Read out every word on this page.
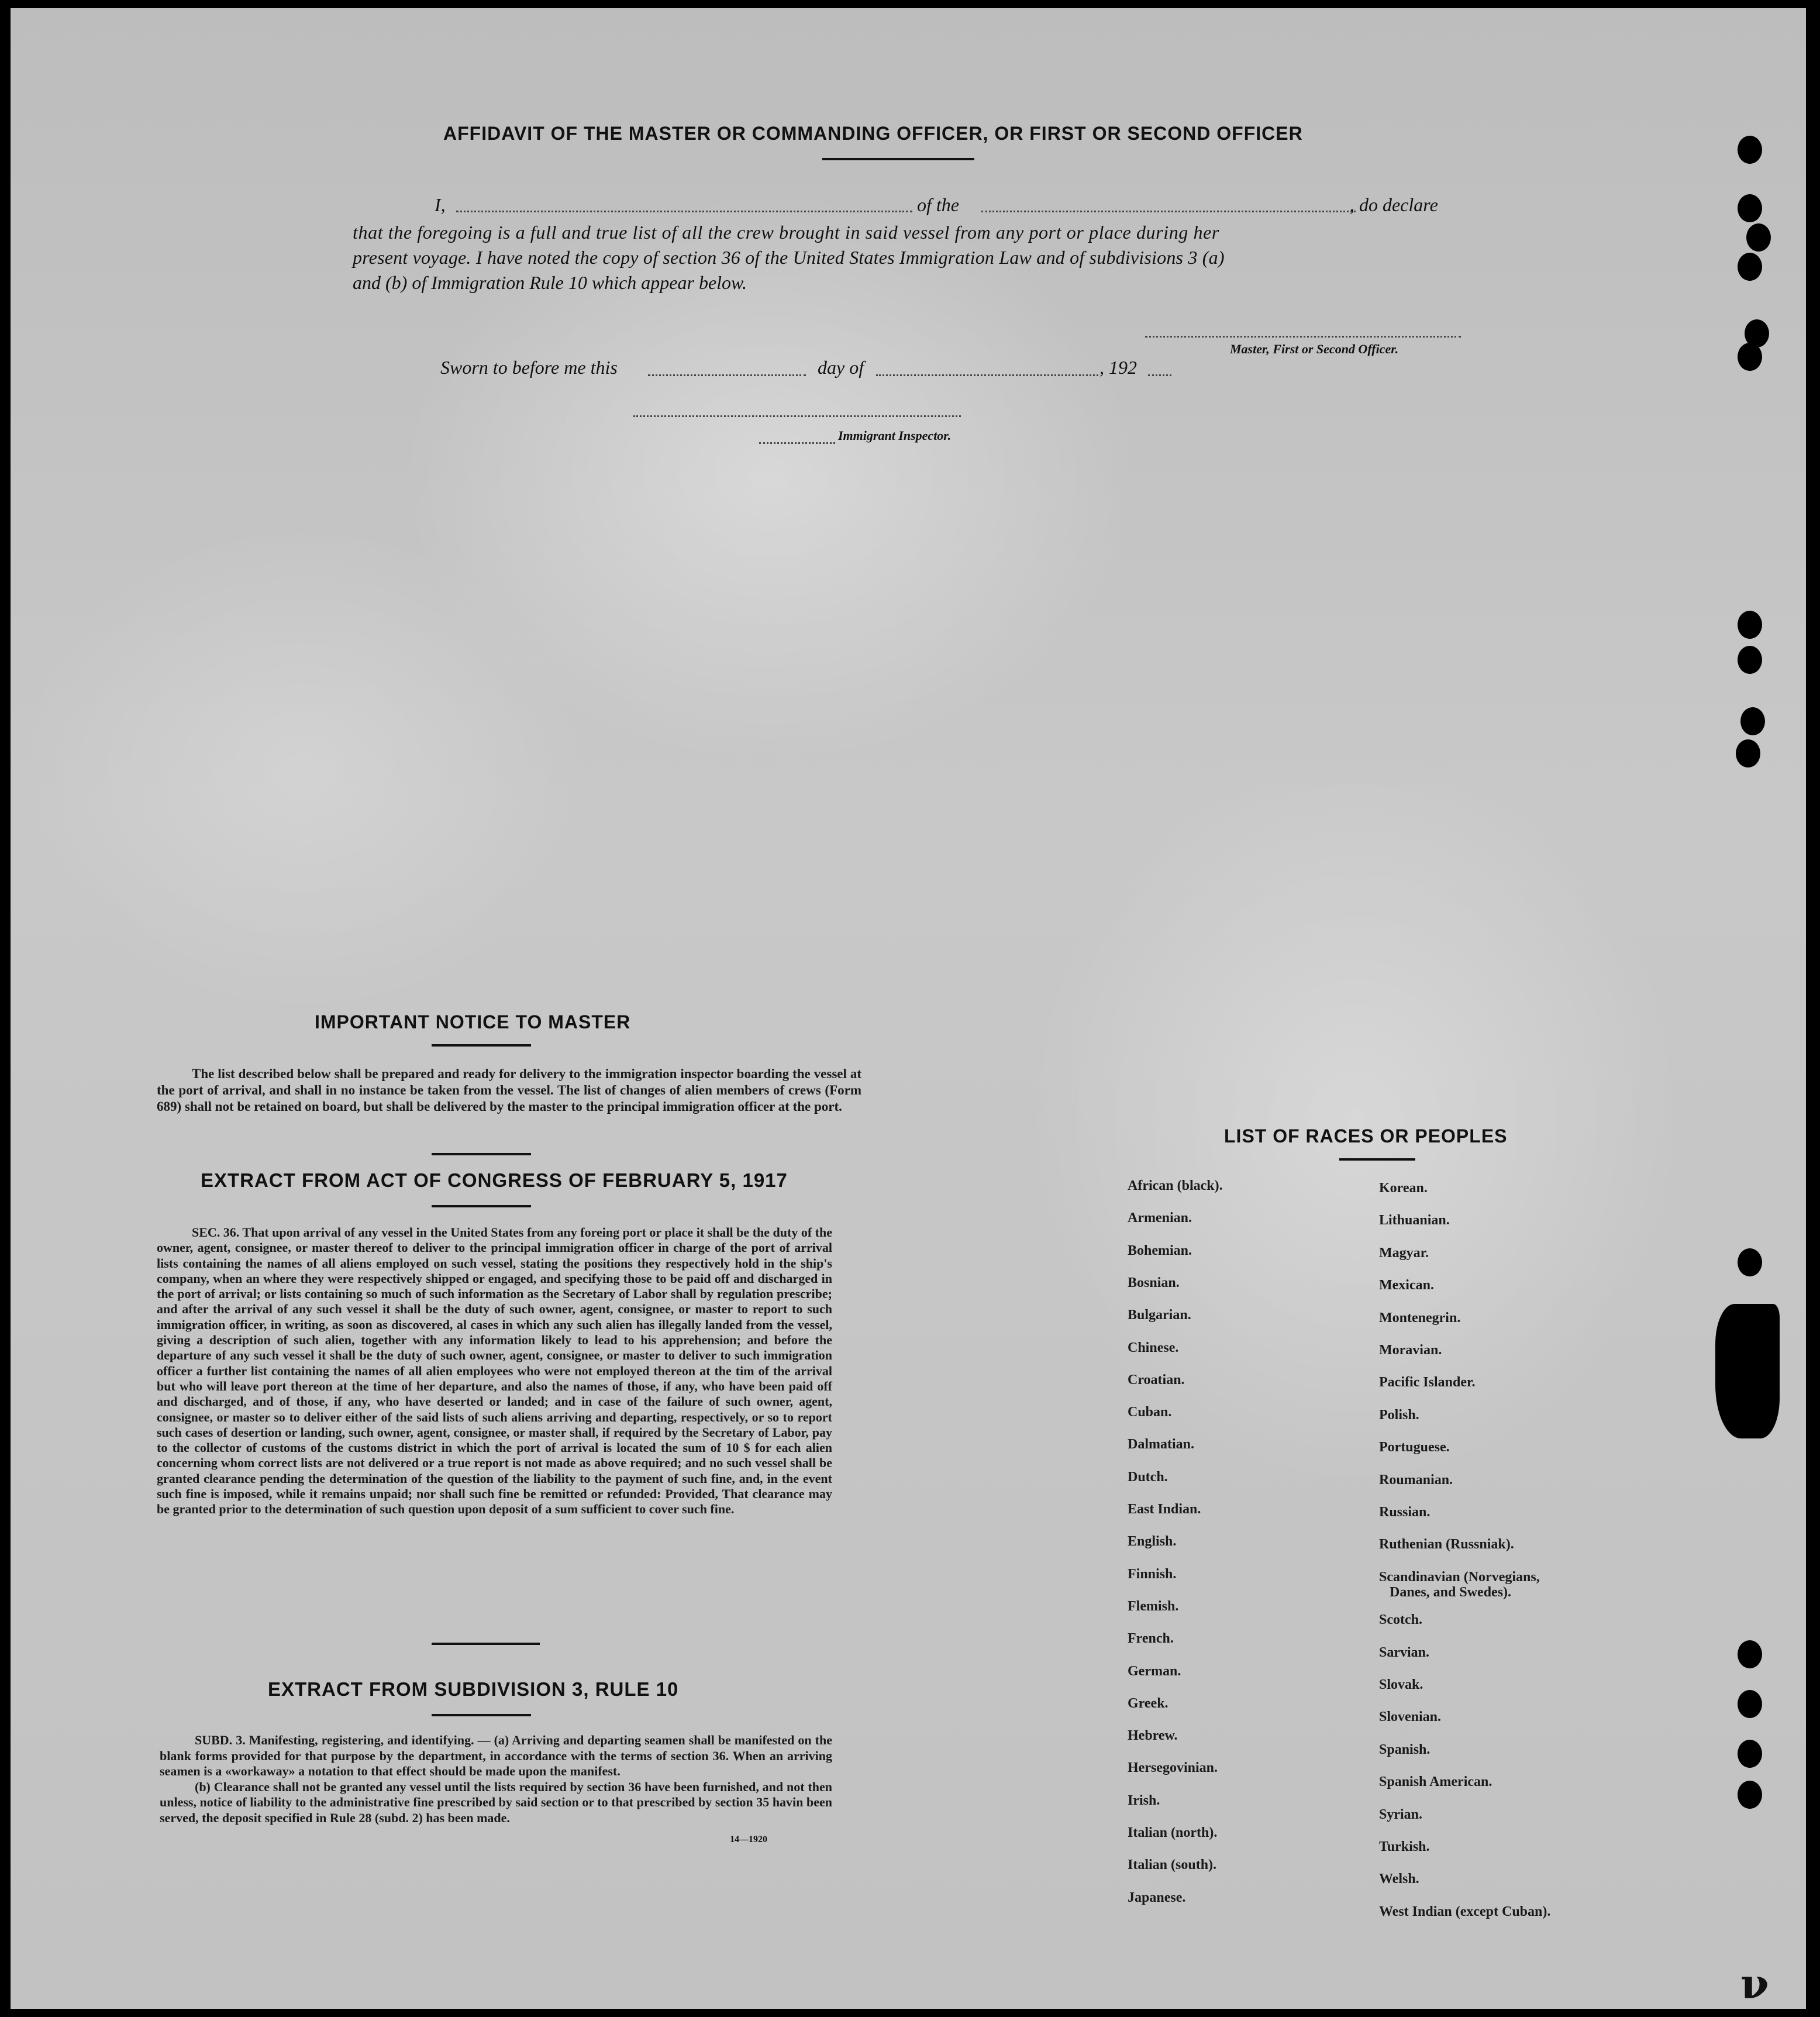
AFFIDAVIT OF THE MASTER OR COMMANDING OFFICER, OR FIRST OR SECOND OFFICER
I,	of the	, do declare
that the foregoing is a full and true list of all the crew brought in said vessel from any port or place during her
present voyage. I have noted the copy of section 36 of the United States Immigration Law and of subdivisions 3 (a)
and (b) of Immigration Rule 10 which appear below.
Master, First or Second Officer.
Sworn to before me this	day of	, 192
Immigrant Inspector.
IMPORTANT NOTICE TO MASTER

The list described below shall be prepared and ready for delivery to the immigration inspector boarding the vessel at the port of arrival, and shall in no instance be taken from the vessel. The list of changes of alien members of crews (Form 689) shall not be retained on board, but shall be delivered by the master to the principal immigration officer at the port.

EXTRACT FROM ACT OF CONGRESS OF FEBRUARY 5, 1917

SEC. 36. That upon arrival of any vessel in the United States from any foreing port or place it shall be the duty of the owner, agent, consignee, or master thereof to deliver to the principal immigration officer in charge of the port of arrival lists containing the names of all aliens employed on such vessel, stating the positions they respectively hold in the ship's company, when an where they were respectively shipped or engaged, and specifying those to be paid off and discharged in the port of arrival; or lists containing so much of such information as the Secretary of Labor shall by regulation prescribe; and after the arrival of any such vessel it shall be the duty of such owner, agent, consignee, or master to report to such immigration officer, in writing, as soon as discovered, al cases in which any such alien has illegally landed from the vessel, giving a description of such alien, together with any information likely to lead to his apprehension; and before the departure of any such vessel it shall be the duty of such owner, agent, consignee, or master to deliver to such immigration officer a further list containing the names of all alien employees who were not employed thereon at the tim of the arrival but who will leave port thereon at the time of her departure, and also the names of those, if any, who have been paid off and discharged, and of those, if any, who have deserted or landed; and in case of the failure of such owner, agent, consignee, or master so to deliver either of the said lists of such aliens arriving and departing, respectively, or so to report such cases of desertion or landing, such owner, agent, consignee, or master shall, if required by the Secretary of Labor, pay to the collector of customs of the customs district in which the port of arrival is located the sum of 10 $ for each alien concerning whom correct lists are not delivered or a true report is not made as above required; and no such vessel shall be granted clearance pending the determination of the question of the liability to the payment of such fine, and, in the event such fine is imposed, while it remains unpaid; nor shall such fine be remitted or refunded: Provided, That clearance may be granted prior to the determination of such question upon deposit of a sum sufficient to cover such fine.

EXTRACT FROM SUBDIVISION 3, RULE 10

SUBD. 3. Manifesting, registering, and identifying. — (a) Arriving and departing seamen shall be manifested on the blank forms provided for that purpose by the department, in accordance with the terms of section 36. When an arriving seamen is a «workaway» a notation to that effect should be made upon the manifest.

(b) Clearance shall not be granted any vessel until the lists required by section 36 have been furnished, and not then unless, notice of liability to the administrative fine prescribed by said section or to that prescribed by section 35 havin been served, the deposit specified in Rule 28 (subd. 2) has been made.

14—1920
LIST OF RACES OR PEOPLES
African (black).
Armenian.
Bohemian.
Bosnian.
Bulgarian.
Chinese.
Croatian.
Cuban.
Dalmatian.
Dutch.
East Indian.
English.
Finnish.
Flemish.
French.
German.
Greek.
Hebrew.
Hersegovinian.
Irish.
Italian (north).
Italian (south).
Japanese.
Korean.
Lithuanian.
Magyar.
Mexican.
Montenegrin.
Moravian.
Pacific Islander.
Polish.
Portuguese.
Roumanian.
Russian.
Ruthenian (Russniak).
Scandinavian (Norvegians,
Danes, and Swedes).
Scotch.
Sarvian.
Slovak.
Slovenian.
Spanish.
Spanish American.
Syrian.
Turkish.
Welsh.
West Indian (except Cuban).
ν
